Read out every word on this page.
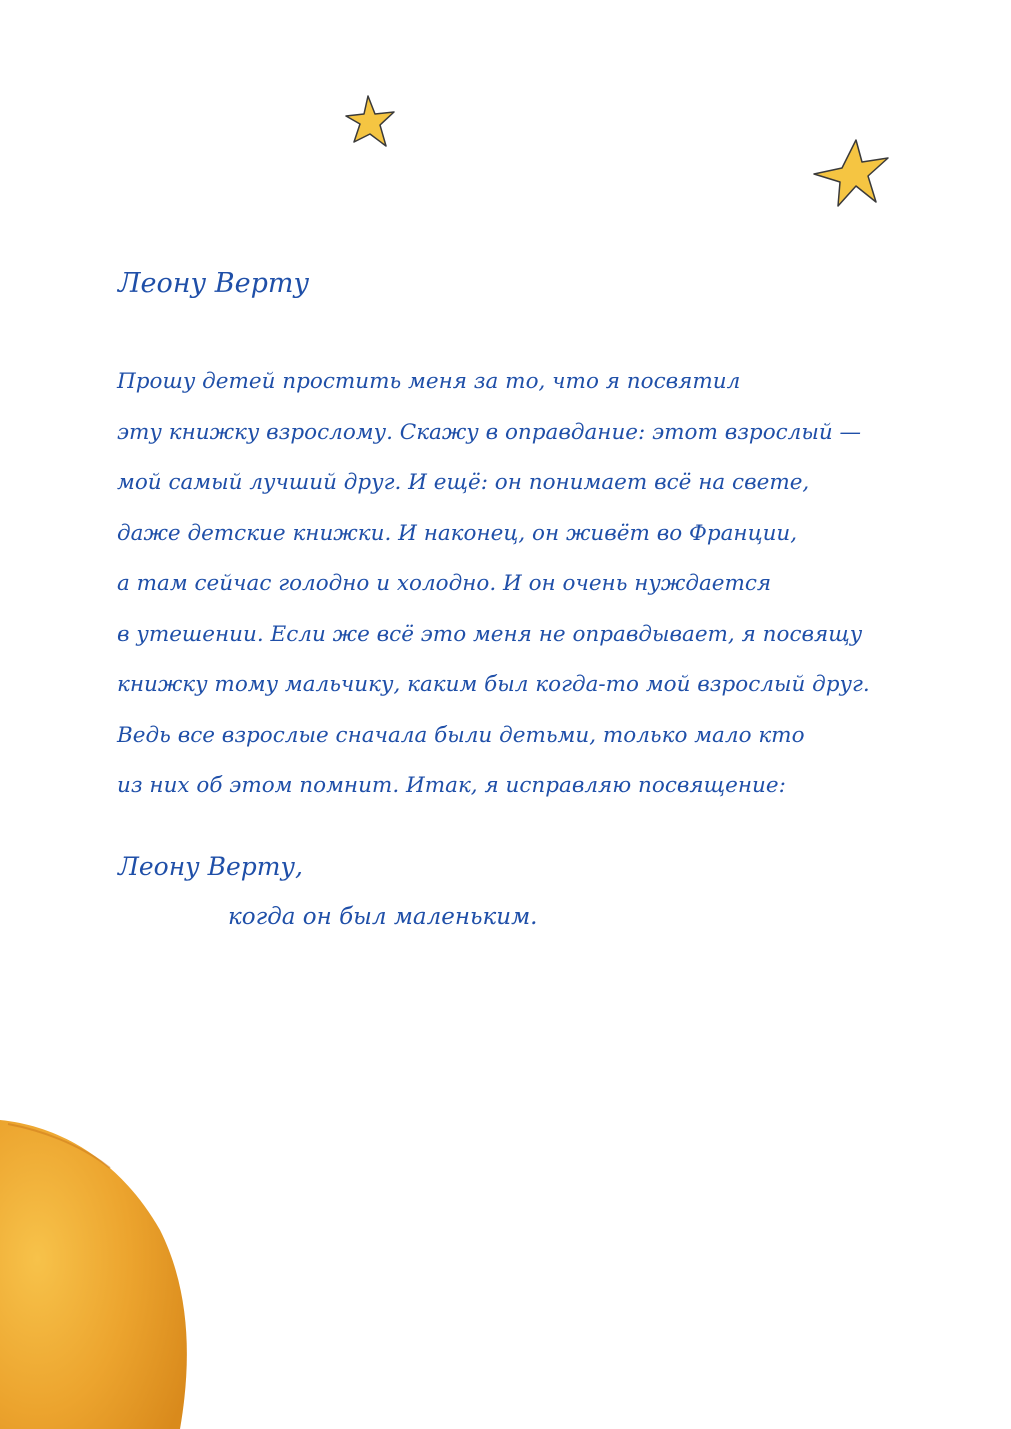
Леону Верту
Прошу детей простить меня за то, что я посвятил
эту книжку взрослому. Скажу в оправдание: этот взрослый —
мой самый лучший друг. И ещё: он понимает всё на свете,
даже детские книжки. И наконец, он живёт во Франции,
а там сейчас голодно и холодно. И он очень нуждается
в утешении. Если же всё это меня не оправдывает, я посвящу
книжку тому мальчику, каким был когда-то мой взрослый друг.
Ведь все взрослые сначала были детьми, только мало кто
из них об этом помнит. Итак, я исправляю посвящение:
Леону Верту,
когда он был маленьким.
